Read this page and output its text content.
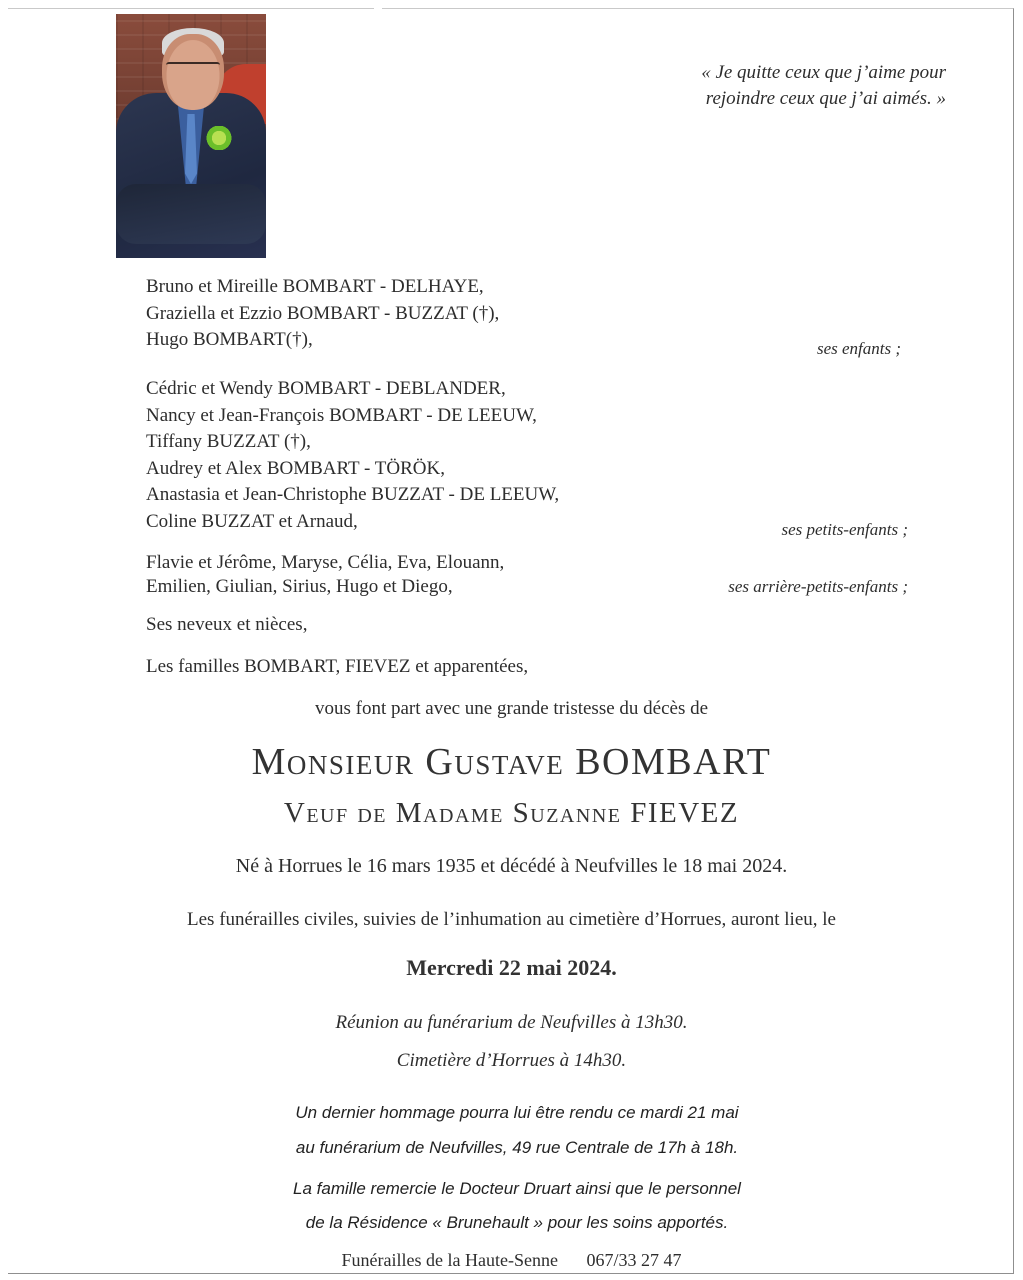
« Je quitte ceux que j’aime pour
rejoindre ceux que j’ai aimés. »
Bruno et Mireille BOMBART - DELHAYE,
Graziella et Ezzio BOMBART - BUZZAT (†),
Hugo BOMBART(†),	ses enfants ;
Cédric et Wendy BOMBART - DEBLANDER,
Nancy et Jean-François BOMBART - DE LEEUW,
Tiffany BUZZAT (†),
Audrey et Alex BOMBART - TÖRÖK,
Anastasia et Jean-Christophe BUZZAT - DE LEEUW,
Coline BUZZAT et Arnaud,	ses petits-enfants ;
Flavie et Jérôme, Maryse, Célia, Eva, Elouann,
Emilien, Giulian, Sirius, Hugo et Diego,	ses arrière-petits-enfants ;
Ses neveux et nièces,
Les familles BOMBART, FIEVEZ et apparentées,
vous font part avec une grande tristesse du décès de
Monsieur Gustave BOMBART
Veuf de Madame Suzanne FIEVEZ
Né à Horrues le 16 mars 1935 et décédé à Neufvilles le 18 mai 2024.
Les funérailles civiles, suivies de l’inhumation au cimetière d’Horrues, auront lieu, le
Mercredi 22 mai 2024.
Réunion au funérarium de Neufvilles à 13h30.
Cimetière d’Horrues à 14h30.
Un dernier hommage pourra lui être rendu ce mardi 21 mai
au funérarium de Neufvilles, 49 rue Centrale de 17h à 18h.
La famille remercie le Docteur Druart ainsi que le personnel
de la Résidence « Brunehault » pour les soins apportés.
Funérailles de la Haute-Senne 067/33 27 47
